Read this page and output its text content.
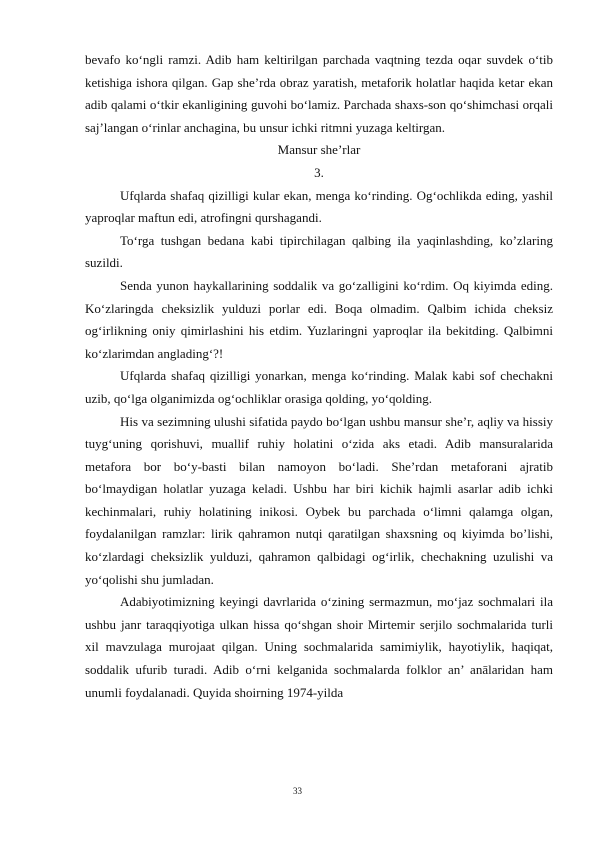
bevafo ko‘ngli ramzi. Adib ham keltirilgan parchada vaqtning tezda oqar suvdek o‘tib ketishiga ishora qilgan. Gap she’rda obraz yaratish, metaforik holatlar haqida ketar ekan adib qalami o‘tkir ekanligining guvohi bo‘lamiz. Parchada shaxs-son qo‘shimchasi orqali saj’langan o‘rinlar anchagina, bu unsur ichki ritmni yuzaga keltirgan.

Mansur she’rlar

3.

Ufqlarda shafaq qizilligi kular ekan, menga ko‘rinding. Og‘ochlikda eding, yashil yaproqlar maftun edi, atrofingni qurshagandi.

To‘rga tushgan bedana kabi tipirchilagan qalbing ila yaqinlashding, ko’zlaring suzildi.

Senda yunon haykallarining soddalik va go‘zalligini ko‘rdim. Oq kiyimda eding. Ko‘zlaringda cheksizlik yulduzi porlar edi. Boqa olmadim. Qalbim ichida cheksiz og‘irlikning oniy qimirlashini his etdim. Yuzlaringni yaproqlar ila bekitding. Qalbimni ko‘zlarimdan angladingʻ?!

Ufqlarda shafaq qizilligi yonarkan, menga ko‘rinding. Malak kabi sof chechakni uzib, qo‘lga olganimizda og‘ochliklar orasiga qolding, yo‘qolding.

His va sezimning ulushi sifatida paydo bo‘lgan ushbu mansur she’r, aqliy va hissiy tuyg‘uning qorishuvi, muallif ruhiy holatini o‘zida aks etadi. Adib mansuralarida metafora bor bo‘y-basti bilan namoyon bo‘ladi. She’rdan metaforani ajratib bo‘lmaydigan holatlar yuzaga keladi. Ushbu har biri kichik hajmli asarlar adib ichki kechinmalari, ruhiy holatining inikosi. Oybek bu parchada o‘limni qalamga olgan, foydalanilgan ramzlar: lirik qahramon nutqi qaratilgan shaxsning oq kiyimda bo’lishi, ko‘zlardagi cheksizlik yulduzi, qahramon qalbidagi og‘irlik, chechakning uzulishi va yo‘qolishi shu jumladan.

Adabiyotimizning keyingi davrlarida o‘zining sermazmun, mo‘jaz sochmalari ila ushbu janr taraqqiyotiga ulkan hissa qo‘shgan shoir Mirtemir serjilo sochmalarida turli xil mavzulaga murojaat qilgan. Uning sochmalarida samimiylik, hayotiylik, haqiqat, soddalik ufurib turadi. Adib o‘rni kelganida sochmalarda folklor an’ anālaridan ham unumli foydalanadi. Quyida shoirning 1974-yilda

33
